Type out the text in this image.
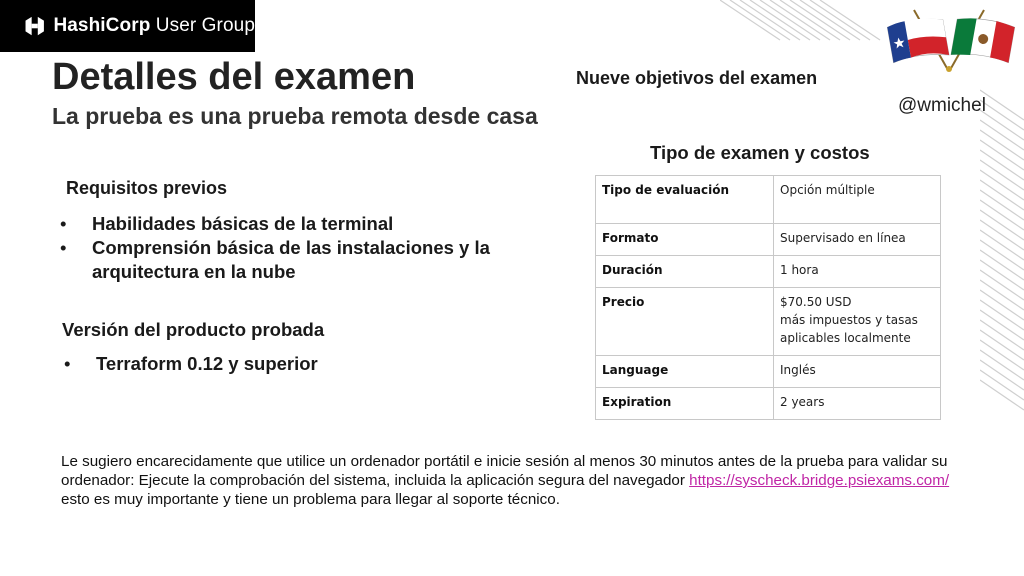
HashiCorp User Group
Detalles del examen
La prueba es una prueba remota desde casa
Nueve objetivos del examen
@wmichel
Requisitos previos
• Habilidades básicas de la terminal
• Comprensión básica de las instalaciones y la arquitectura en la nube
Versión del producto probada
• Terraform 0.12 y superior
Tipo de examen y costos
Tipo de evaluación	Opción múltiple
Formato	Supervisado en línea
Duración	1 hora
Precio	$70.50 USD
más impuestos y tasas aplicables localmente
Language	Inglés
Expiration	2 years
Le sugiero encarecidamente que utilice un ordenador portátil e inicie sesión al menos 30 minutos antes de la prueba para validar su ordenador: Ejecute la comprobación del sistema, incluida la aplicación segura del navegador https://syscheck.bridge.psiexams.com/ esto es muy importante y tiene un problema para llegar al soporte técnico.
